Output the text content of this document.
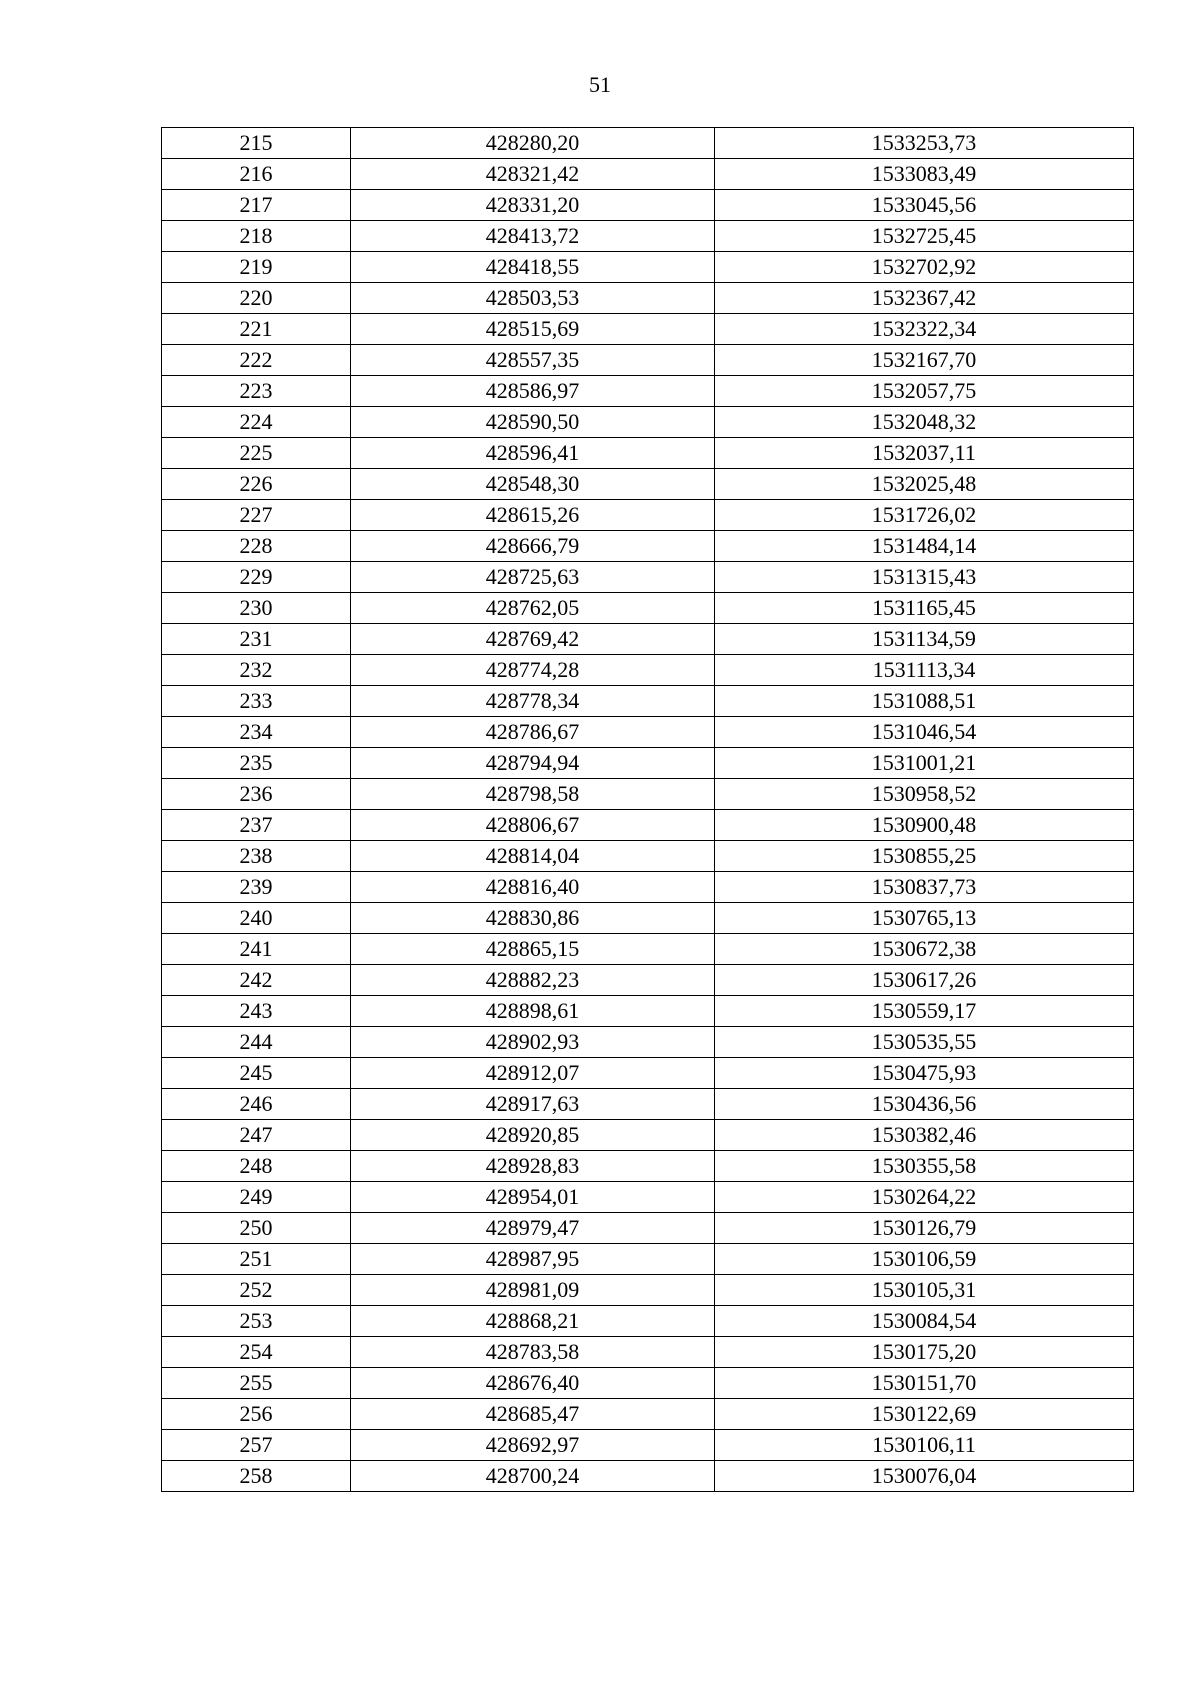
51
215	428280,20	1533253,73
216	428321,42	1533083,49
217	428331,20	1533045,56
218	428413,72	1532725,45
219	428418,55	1532702,92
220	428503,53	1532367,42
221	428515,69	1532322,34
222	428557,35	1532167,70
223	428586,97	1532057,75
224	428590,50	1532048,32
225	428596,41	1532037,11
226	428548,30	1532025,48
227	428615,26	1531726,02
228	428666,79	1531484,14
229	428725,63	1531315,43
230	428762,05	1531165,45
231	428769,42	1531134,59
232	428774,28	1531113,34
233	428778,34	1531088,51
234	428786,67	1531046,54
235	428794,94	1531001,21
236	428798,58	1530958,52
237	428806,67	1530900,48
238	428814,04	1530855,25
239	428816,40	1530837,73
240	428830,86	1530765,13
241	428865,15	1530672,38
242	428882,23	1530617,26
243	428898,61	1530559,17
244	428902,93	1530535,55
245	428912,07	1530475,93
246	428917,63	1530436,56
247	428920,85	1530382,46
248	428928,83	1530355,58
249	428954,01	1530264,22
250	428979,47	1530126,79
251	428987,95	1530106,59
252	428981,09	1530105,31
253	428868,21	1530084,54
254	428783,58	1530175,20
255	428676,40	1530151,70
256	428685,47	1530122,69
257	428692,97	1530106,11
258	428700,24	1530076,04
